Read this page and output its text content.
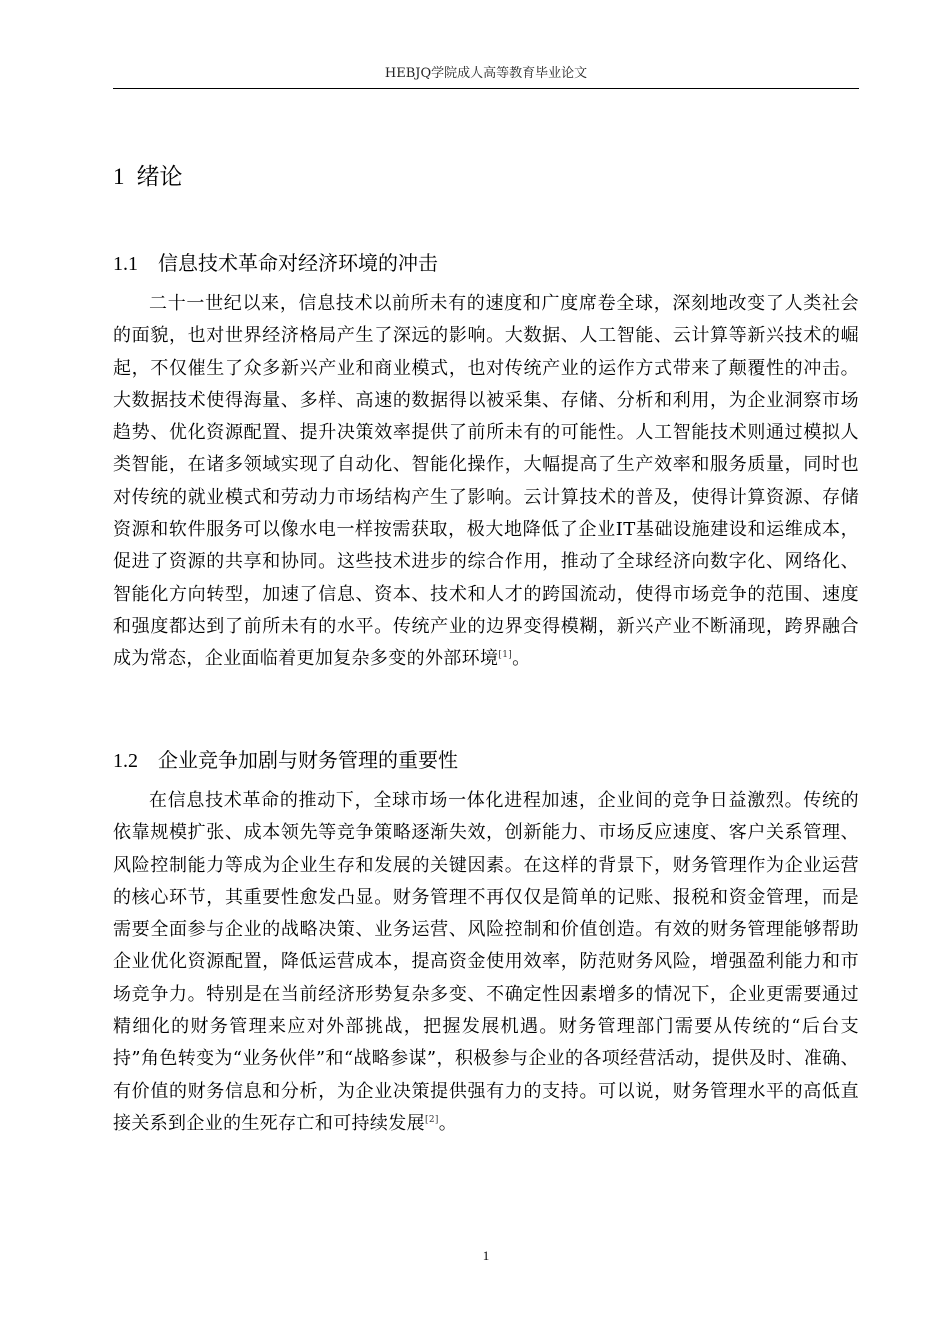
HEBJQ学院成人高等教育毕业论文
1 绪论
1.1 信息技术革命对经济环境的冲击

二十一世纪以来，信息技术以前所未有的速度和广度席卷全球，深刻地改变了人类社会的面貌，也对世界经济格局产生了深远的影响。大数据、人工智能、云计算等新兴技术的崛起，不仅催生了众多新兴产业和商业模式，也对传统产业的运作方式带来了颠覆性的冲击。大数据技术使得海量、多样、高速的数据得以被采集、存储、分析和利用，为企业洞察市场趋势、优化资源配置、提升决策效率提供了前所未有的可能性。人工智能技术则通过模拟人类智能，在诸多领域实现了自动化、智能化操作，大幅提高了生产效率和服务质量，同时也对传统的就业模式和劳动力市场结构产生了影响。云计算技术的普及，使得计算资源、存储资源和软件服务可以像水电一样按需获取，极大地降低了企业IT基础设施建设和运维成本，促进了资源的共享和协同。这些技术进步的综合作用，推动了全球经济向数字化、网络化、智能化方向转型，加速了信息、资本、技术和人才的跨国流动，使得市场竞争的范围、速度和强度都达到了前所未有的水平。传统产业的边界变得模糊，新兴产业不断涌现，跨界融合成为常态，企业面临着更加复杂多变的外部环境[1]。

1.2 企业竞争加剧与财务管理的重要性

在信息技术革命的推动下，全球市场一体化进程加速，企业间的竞争日益激烈。传统的依靠规模扩张、成本领先等竞争策略逐渐失效，创新能力、市场反应速度、客户关系管理、风险控制能力等成为企业生存和发展的关键因素。在这样的背景下，财务管理作为企业运营的核心环节，其重要性愈发凸显。财务管理不再仅仅是简单的记账、报税和资金管理，而是需要全面参与企业的战略决策、业务运营、风险控制和价值创造。有效的财务管理能够帮助企业优化资源配置，降低运营成本，提高资金使用效率，防范财务风险，增强盈利能力和市场竞争力。特别是在当前经济形势复杂多变、不确定性因素增多的情况下，企业更需要通过精细化的财务管理来应对外部挑战，把握发展机遇。财务管理部门需要从传统的“后台支持”角色转变为“业务伙伴”和“战略参谋”，积极参与企业的各项经营活动，提供及时、准确、有价值的财务信息和分析，为企业决策提供强有力的支持。可以说，财务管理水平的高低直接关系到企业的生死存亡和可持续发展[2]。

1
